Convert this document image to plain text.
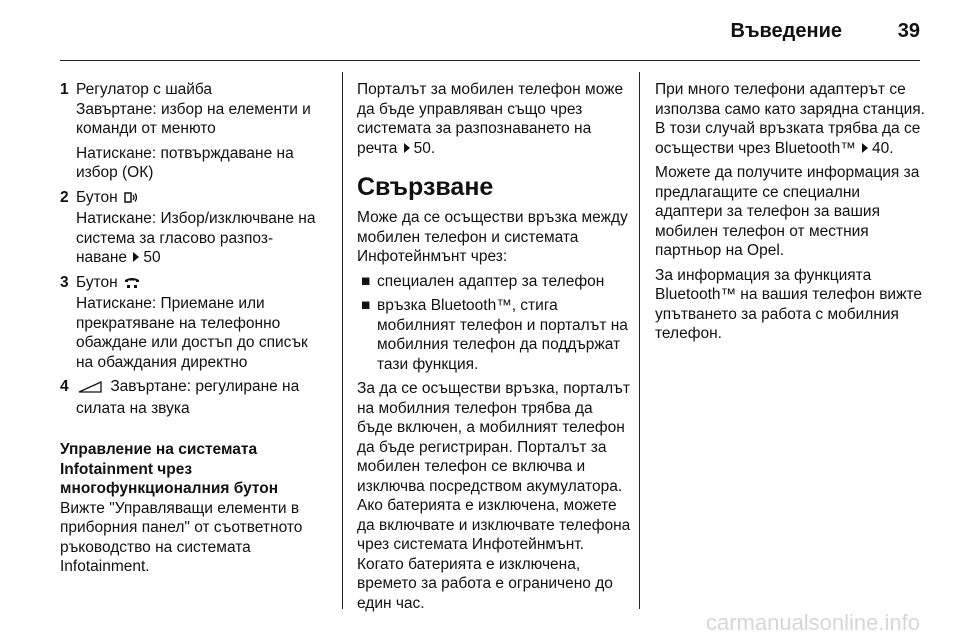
Въведение	39
1 Регулатор с шайба
Завъртане: избор на елементи и команди от менюто
Натискане: потвърждаване на избор (ОК)
2 Бутон
Натискане: Избор/изключване на система за гласово разпоз-наване 50
3 Бутон
Натискане: Приемане или прекратяване на телефонно обаждане или достъп до списък на обаждания директно
4	Завъртане: регулиране на силата на звука
Управление на системата Infotainment чрез многофункционалния бутон
Вижте "Управляващи елементи в приборния панел" от съответното ръководство на системата Infotainment.
Порталът за мобилен телефон може да бъде управляван също чрез системата за разпознаването на речта 50.
Свързване
Може да се осъществи връзка между мобилен телефон и системата Инфотейнмънт чрез:
■ специален адаптер за телефон
■ връзка Bluetooth™, стига мобилният телефон и порталът на мобилния телефон да поддържат тази функция.
За да се осъществи връзка, порталът на мобилния телефон трябва да бъде включен, а мобилният телефон да бъде регистриран. Порталът за мобилен телефон се включва и изключва посредством акумулатора. Ако батерията е изключена, можете да включвате и изключвате телефона чрез системата Инфотейнмънт. Когато батерията е изключена, времето за работа е ограничено до един час.
При много телефони адаптерът се използва само като зарядна станция. В този случай връзката трябва да се осъществи чрез Bluetooth™ 40.
Можете да получите информация за предлагащите се специални адаптери за телефон за вашия мобилен телефон от местния партньор на Opel.
За информация за функцията Bluetooth™ на вашия телефон вижте упътването за работа с мобилния телефон.
carmanualsonline.info
